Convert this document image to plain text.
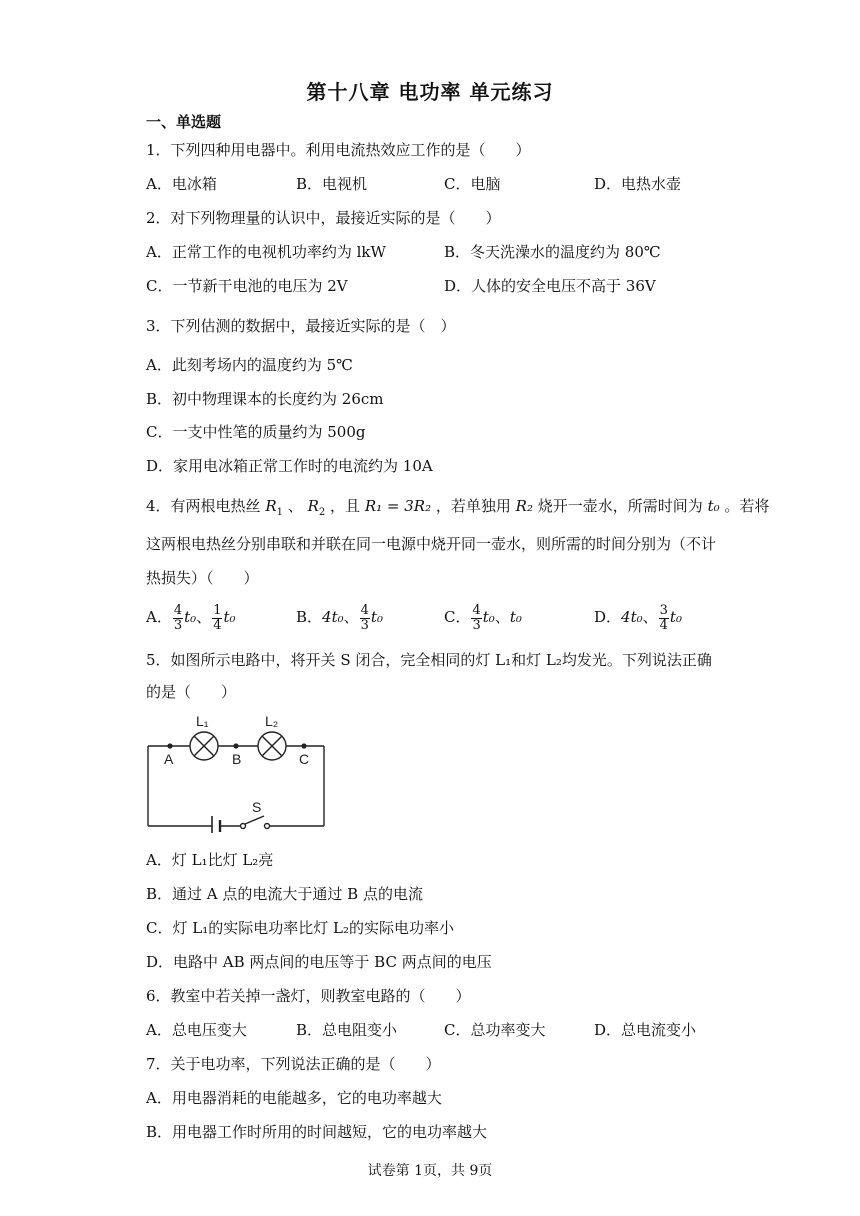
第十八章 电功率 单元练习
一、单选题
1．下列四种用电器中。利用电流热效应工作的是（　　）
A．电冰箱	B．电视机	C．电脑	D．电热水壶
2．对下列物理量的认识中，最接近实际的是（　　）
A．正常工作的电视机功率约为 lkW	B．冬天洗澡水的温度约为 80℃
C．一节新干电池的电压为 2V	D．人体的安全电压不高于 36V
3．下列估测的数据中，最接近实际的是（　）
A．此刻考场内的温度约为 5℃
B．初中物理课本的长度约为 26cm
C．一支中性笔的质量约为 500g
D．家用电冰箱正常工作时的电流约为 10A
4．有两根电热丝 $R_1$ 、 $R_2$ ，且 R₁ = 3R₂ ，若单独用 R₂ 烧开一壶水，所需时间为 t₀ 。若将
这两根电热丝分别串联和并联在同一电源中烧开同一壶水，则所需的时间分别为（不计
热损失）（　　）
A． $\frac{4}{3} t_0$、 $\frac{1}{4} t_0$	B．4t₀、 $\frac{4}{3} t_0$	C． $\frac{4}{3} t_0$、t₀	D．4t₀、 $\frac{3}{4} t_0$
5．如图所示电路中，将开关 S 闭合，完全相同的灯 L₁和灯 L₂均发光。下列说法正确
的是（　　）
L₁	L₂
A	B	C
S
A．灯 L₁比灯 L₂亮
B．通过 A 点的电流大于通过 B 点的电流
C．灯 L₁的实际电功率比灯 L₂的实际电功率小
D．电路中 AB 两点间的电压等于 BC 两点间的电压
6．教室中若关掉一盏灯，则教室电路的（　　）
A．总电压变大	B．总电阻变小	C．总功率变大	D．总电流变小
7．关于电功率，下列说法正确的是（　　）
A．用电器消耗的电能越多，它的电功率越大
B．用电器工作时所用的时间越短，它的电功率越大
试卷第 1页，共 9页
